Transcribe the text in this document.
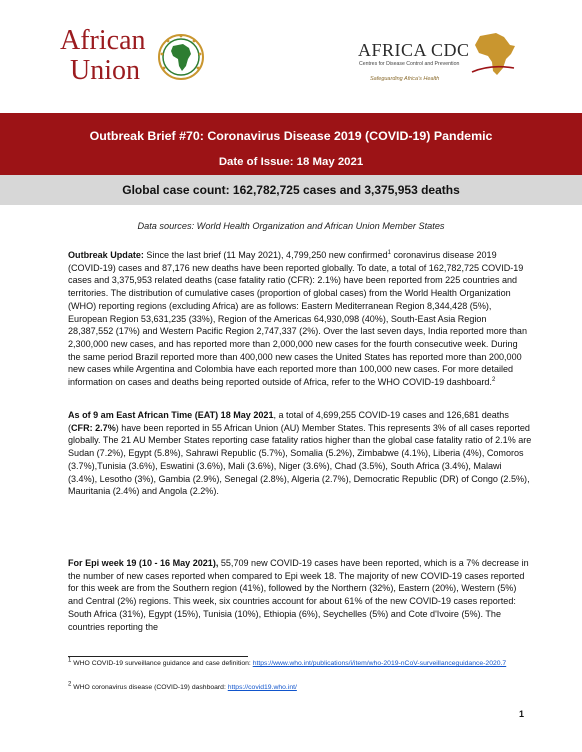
African
Union
AFRICA CDC
Centres for Disease Control and Prevention
Safeguarding Africa's Health
Outbreak Brief #70: Coronavirus Disease 2019 (COVID-19) Pandemic
Date of Issue: 18 May 2021
Global case count: 162,782,725 cases and 3,375,953 deaths
Data sources: World Health Organization and African Union Member States
Outbreak Update: Since the last brief (11 May 2021), 4,799,250 new confirmed$^1$ coronavirus disease 2019 (COVID-19) cases and 87,176 new deaths have been reported globally. To date, a total of 162,782,725 COVID-19 cases and 3,375,953 related deaths (case fatality ratio (CFR): 2.1%) have been reported from 225 countries and territories. The distribution of cumulative cases (proportion of global cases) from the World Health Organization (WHO) reporting regions (excluding Africa) are as follows: Eastern Mediterranean Region 8,344,428 (5%), European Region 53,631,235 (33%), Region of the Americas 64,930,098 (40%), South-East Asia Region 28,387,552 (17%) and Western Pacific Region 2,747,337 (2%). Over the last seven days, India reported more than 2,300,000 new cases, and has reported more than 2,000,000 new cases for the fourth consecutive week. During the same period Brazil reported more than 400,000 new cases the United States has reported more than 200,000 new cases while Argentina and Colombia have each reported more than 100,000 new cases. For more detailed information on cases and deaths being reported outside of Africa, refer to the WHO COVID-19 dashboard.$^2$
As of 9 am East African Time (EAT) 18 May 2021, a total of 4,699,255 COVID-19 cases and 126,681 deaths (CFR: 2.7%) have been reported in 55 African Union (AU) Member States. This represents 3% of all cases reported globally. The 21 AU Member States reporting case fatality ratios higher than the global case fatality ratio of 2.1% are Sudan (7.2%), Egypt (5.8%), Sahrawi Republic (5.7%), Somalia (5.2%), Zimbabwe (4.1%), Liberia (4%), Comoros (3.7%),Tunisia (3.6%), Eswatini (3.6%), Mali (3.6%), Niger (3.6%), Chad (3.5%), South Africa (3.4%), Malawi (3.4%), Lesotho (3%), Gambia (2.9%), Senegal (2.8%), Algeria (2.7%), Democratic Republic (DR) of Congo (2.5%), Mauritania (2.4%) and Angola (2.2%).
For Epi week 19 (10 - 16 May 2021), 55,709 new COVID-19 cases have been reported, which is a 7% decrease in the number of new cases reported when compared to Epi week 18. The majority of new COVID-19 cases reported for this week are from the Southern region (41%), followed by the Northern (32%), Eastern (20%), Western (5%) and Central (2%) regions. This week, six countries account for about 61% of the new COVID-19 cases reported: South Africa (31%), Egypt (15%), Tunisia (10%), Ethiopia (6%), Seychelles (5%) and Cote d'Ivoire (5%). The countries reporting the
$^1$ WHO COVID-19 surveillance guidance and case definition: https://www.who.int/publications/i/item/who-2019-nCoV-surveillanceguidance-2020.7
$^2$ WHO coronavirus disease (COVID-19) dashboard: https://covid19.who.int/
1
